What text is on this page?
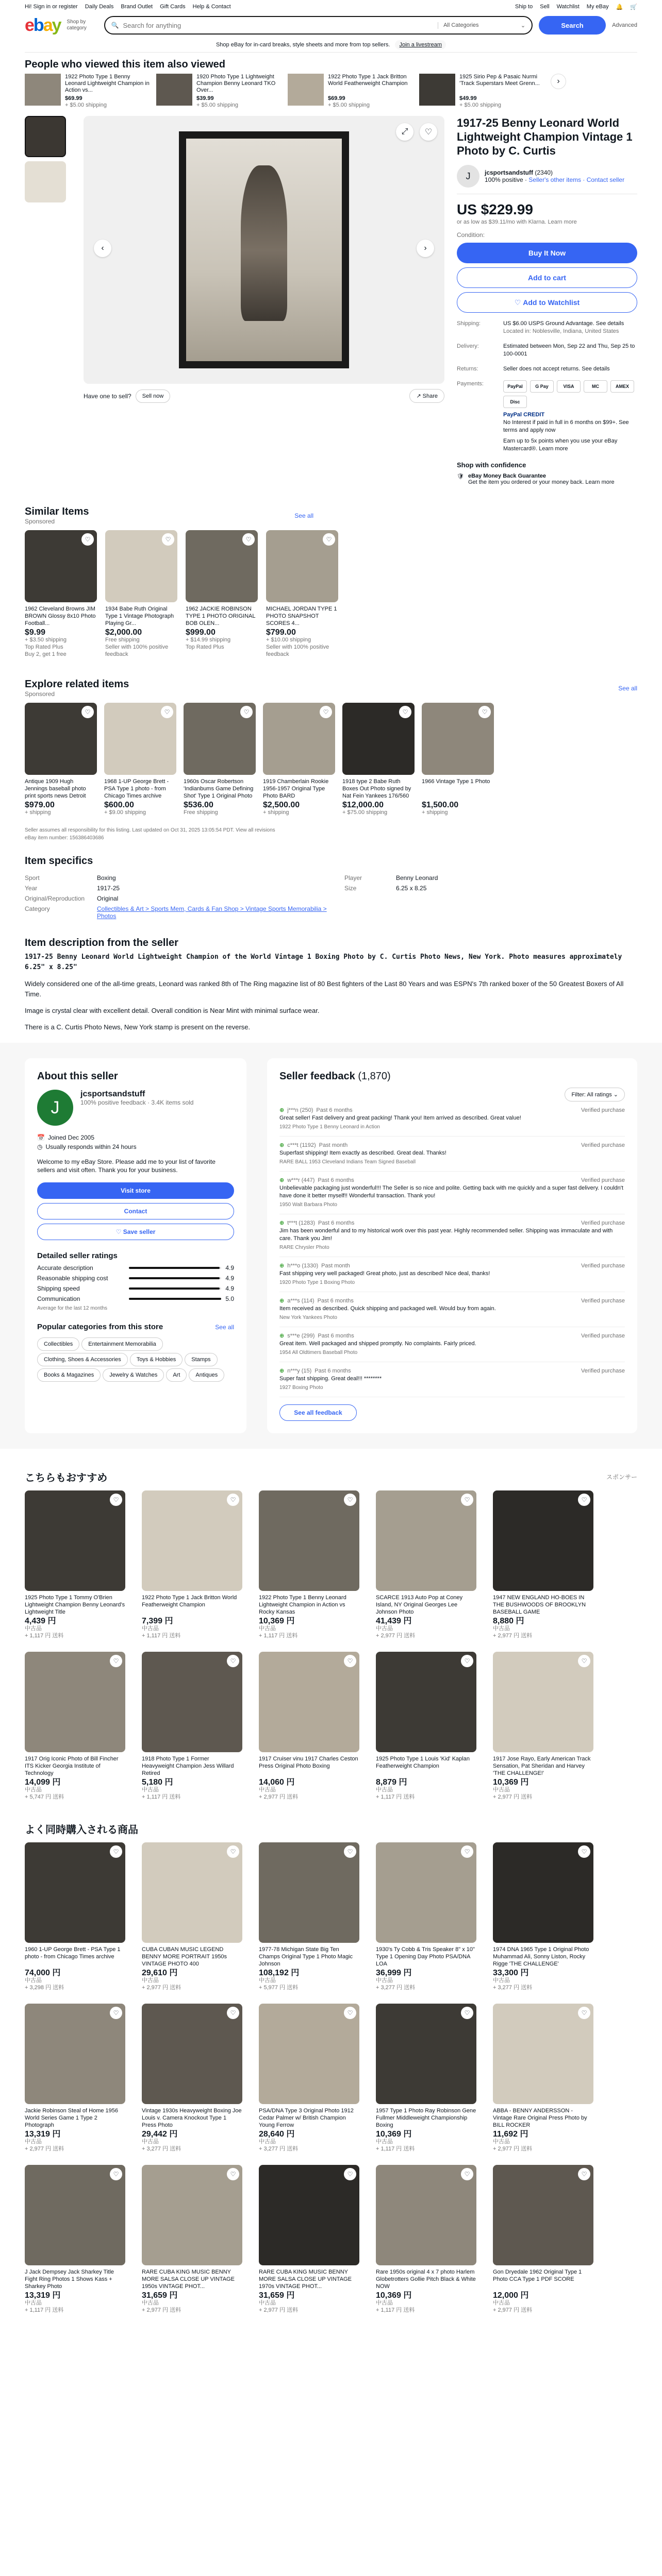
Hi! Sign in or register Daily Deals Brand Outlet Gift Cards Help & Contact	Ship to Sell Watchlist My eBay 🔔 🛒
e b a y Shop by category	🔍
Search for anything	All Categories	⌄	Search	Advanced
Shop eBay for in-card breaks, style sheets and more from top sellers.	Join a livestream
People who viewed this item also viewed
1922 Photo Type 1 Benny Leonard Lightweight Champion in Action vs...
$69.99
+ $5.00 shipping
1920 Photo Type 1 Lightweight Champion Benny Leonard TKO Over...
$39.99
+ $5.00 shipping
1922 Photo Type 1 Jack Britton World Featherweight Champion
$69.99
+ $5.00 shipping
1925 Sirio Pep & Pasaic Nurmi 'Track Superstars Meet Grenn...
$49.99
+ $5.00 shipping
›
‹	›
⤢ ♡
Have one to sell?	Sell now	↗ Share
1917-25 Benny Leonard World Lightweight Champion Vintage 1 Photo by C. Curtis
J	jcsportsandstuff (2340)
100% positive · Seller's other items · Contact seller
US $229.99
or as low as $39.11/mo with Klarna. Learn more
Condition:
Buy It Now
Add to cart
♡ Add to Watchlist
Shipping:	US $6.00 USPS Ground Advantage. See details
Located in: Noblesville, Indiana, United States
Delivery:	Estimated between Mon, Sep 22 and Thu, Sep 25 to 100-0001
Returns:	Seller does not accept returns. See details
Payments:	PayPal	G Pay	VISA	MC	AMEX
Disc
PayPal CREDIT
No Interest if paid in full in 6 months on $99+. See terms and apply now
Earn up to 5x points when you use your eBay Mastercard®. Learn more
Shop with confidence
🛡 eBay Money Back Guarantee
Get the item you ordered or your money back. Learn more
Similar Items
Sponsored
See all
♡
1962 Cleveland Browns JIM BROWN Glossy 8x10 Photo Football...
$9.99
+ $3.50 shipping
Top Rated Plus
Buy 2, get 1 free
♡
1934 Babe Ruth Original Type 1 Vintage Photograph Playing Gr...
$2,000.00
Free shipping
Seller with 100% positive feedback
♡
1962 JACKIE ROBINSON TYPE 1 PHOTO ORIGINAL BOB OLEN...
$999.00
+ $14.99 shipping
Top Rated Plus
♡
MICHAEL JORDAN TYPE 1 PHOTO SNAPSHOT SCORES 4...
$799.00
+ $10.00 shipping
Seller with 100% positive feedback
Explore related items
Sponsored
See all
♡
Antique 1909 Hugh Jennings baseball photo print sports news Detroit
$979.00
+ shipping
♡
1968 1-UP George Brett - PSA Type 1 photo - from Chicago Times archive
$600.00
+ $9.00 shipping
♡
1960s Oscar Robertson 'Indianbums Game Defining Shot' Type 1 Original Photo
$536.00
Free shipping
♡
1919 Chamberlain Rookie 1956-1957 Original Type Photo BARD
$2,500.00
+ shipping
♡
1918 type 2 Babe Ruth Boxes Out Photo signed by Nat Fein Yankees 176/560
$12,000.00
+ $75.00 shipping
♡
1966 Vintage Type 1 Photo
$1,500.00
+ shipping
Seller assumes all responsibility for this listing. Last updated on Oct 31, 2025 13:05:54 PDT. View all revisions
eBay item number: 156386403686
Item specifics
Sport	Boxing	Player	Benny Leonard
Year	1917-25	Size	6.25 x 8.25
Original/Reproduction	Original
Category	Collectibles & Art > Sports Mem, Cards & Fan Shop > Vintage Sports Memorabilia > Photos
Item description from the seller

1917-25 Benny Leonard World Lightweight Champion of the World Vintage 1 Boxing Photo by C. Curtis Photo News, New York. Photo measures approximately 6.25" x 8.25"

Widely considered one of the all-time greats, Leonard was ranked 8th of The Ring magazine list of 80 Best fighters of the Last 80 Years and was ESPN's 7th ranked boxer of the 50 Greatest Boxers of All Time.

Image is crystal clear with excellent detail. Overall condition is Near Mint with minimal surface wear.

There is a C. Curtis Photo News, New York stamp is present on the reverse.

About this seller
J
jcsportsandstuff
100% positive feedback · 3.4K items sold
📅 Joined Dec 2005
◷ Usually responds within 24 hours
Welcome to my eBay Store. Please add me to your list of favorite sellers and visit often. Thank you for your business.
Visit store
Contact
♡ Save seller
Detailed seller ratings
Accurate description	4.9
Reasonable shipping cost	4.9
Shipping speed	4.9
Communication	5.0
Average for the last 12 months
Popular categories from this store	See all
Collectibles	Entertainment MemorabiliaClothing, Shoes & Accessories	Toys & Hobbies	StampsBooks & Magazines	Jewelry & Watches	Art	Antiques
Seller feedback (1,870)
Filter: All ratings ⌄
⊕ j***n (250) Past 6 months	Verified purchase
Great seller! Fast delivery and great packing! Thank you! Item arrived as described. Great value!
1922 Photo Type 1 Benny Leonard in Action
⊕ c***t (1192) Past month	Verified purchase
Superfast shipping! Item exactly as described. Great deal. Thanks!
RARE BALL 1953 Cleveland Indians Team Signed Baseball
⊕ w***r (447) Past 6 months	Verified purchase
Unbelievable packaging just wonderful!!! The Seller is so nice and polite. Getting back with me quickly and a super fast delivery. I couldn't have done it better myself!! Wonderful transaction. Thank you!
1950 Walt Barbara Photo
⊕ t***t (1283) Past 6 months	Verified purchase
Jim has been wonderful and to my historical work over this past year. Highly recommended seller. Shipping was immaculate and with care. Thank you Jim!
RARE Chrysler Photo
⊕ h***o (1330) Past month	Verified purchase
Fast shipping very well packaged! Great photo, just as described! Nice deal, thanks!
1920 Photo Type 1 Boxing Photo
⊕ a***s (114) Past 6 months	Verified purchase
Item received as described. Quick shipping and packaged well. Would buy from again.
New York Yankees Photo
⊕ s***e (299) Past 6 months	Verified purchase
Great item. Well packaged and shipped promptly. No complaints. Fairly priced.
1954 All Oldtimers Baseball Photo
⊕ n***y (15) Past 6 months	Verified purchase
Super fast shipping. Great deal!!! ********
1927 Boxing Photo
See all feedback
こちらもおすすめ	スポンサー
♡
1925 Photo Type 1 Tommy O'Brien Lightweight Champion Benny Leonard's Lightweight Title
4,439 円
中古品
+ 1,117 円 送料
♡
1922 Photo Type 1 Jack Britton World Featherweight Champion
7,399 円
中古品
+ 1,117 円 送料
♡
1922 Photo Type 1 Benny Leonard Lightweight Champion in Action vs Rocky Kansas
10,369 円
中古品
+ 1,117 円 送料
♡
SCARCE 1913 Auto Pop at Coney Island, NY Original Georges Lee Johnson Photo
41,439 円
中古品
+ 2,977 円 送料
♡
1947 NEW ENGLAND HO-BOES IN THE BUSHWOODS OF BROOKLYN BASEBALL GAME
8,880 円
中古品
+ 2,977 円 送料
♡
1917 Orig Iconic Photo of Bill Fincher ITS Kicker Georgia Institute of Technology
14,099 円
中古品
+ 5,747 円 送料
♡
1918 Photo Type 1 Former Heavyweight Champion Jess Willard Retired
5,180 円
中古品
+ 1,117 円 送料
♡
1917 Cruiser vinu 1917 Charles Ceston Press Original Photo Boxing
14,060 円
中古品
+ 2,977 円 送料
♡
1925 Photo Type 1 Louis 'Kid' Kaplan Featherweight Champion
8,879 円
中古品
+ 1,117 円 送料
♡
1917 Jose Rayo, Early American Track Sensation, Pat Sheridan and Harvey 'THE CHALLENGE!'
10,369 円
中古品
+ 2,977 円 送料
よく同時購入される商品
♡
1960 1-UP George Brett - PSA Type 1 photo - from Chicago Times archive
74,000 円
中古品
+ 3,298 円 送料
♡
CUBA CUBAN MUSIC LEGEND BENNY MORE PORTRAIT 1950s VINTAGE PHOTO 400
29,610 円
中古品
+ 2,977 円 送料
♡
1977-78 Michigan State Big Ten Champs Original Type 1 Photo Magic Johnson
108,192 円
中古品
+ 5,977 円 送料
♡
1930's Ty Cobb & Tris Speaker 8" x 10" Type 1 Opening Day Photo PSA/DNA LOA
36,999 円
中古品
+ 3,277 円 送料
♡
1974 DNA 1965 Type 1 Original Photo Muhammad Ali, Sonny Liston, Rocky Rigge 'THE CHALLENGE'
33,300 円
中古品
+ 3,277 円 送料
♡
Jackie Robinson Steal of Home 1956 World Series Game 1 Type 2 Photograph
13,319 円
中古品
+ 2,977 円 送料
♡
Vintage 1930s Heavyweight Boxing Joe Louis v. Camera Knockout Type 1 Press Photo
29,442 円
中古品
+ 3,277 円 送料
♡
PSA/DNA Type 3 Original Photo 1912 Cedar Palmer w/ British Champion Young Ferrow
28,640 円
中古品
+ 3,277 円 送料
♡
1957 Type 1 Photo Ray Robinson Gene Fullmer Middleweight Championship Boxing
10,369 円
中古品
+ 1,117 円 送料
♡
ABBA - BENNY ANDERSSON - Vintage Rare Original Press Photo by BILL ROCKER
11,692 円
中古品
+ 2,977 円 送料
♡
J Jack Dempsey Jack Sharkey Title Fight Ring Photos 1 Shows Kass + Sharkey Photo
13,319 円
中古品
+ 1,117 円 送料
♡
RARE CUBA KING MUSIC BENNY MORE SALSA CLOSE UP VINTAGE 1950s VINTAGE PHOT...
31,659 円
中古品
+ 2,977 円 送料
♡
RARE CUBA KING MUSIC BENNY MORE SALSA CLOSE UP VINTAGE 1970s VINTAGE PHOT...
31,659 円
中古品
+ 2,977 円 送料
♡
Rare 1950s original 4 x 7 photo Harlem Globetrotters Gollie Pitch Black & White NOW
10,369 円
中古品
+ 1,117 円 送料
♡
Gon Dryedale 1962 Original Type 1 Photo CCA Type 1 PDF SCORE
12,000 円
中古品
+ 2,977 円 送料
